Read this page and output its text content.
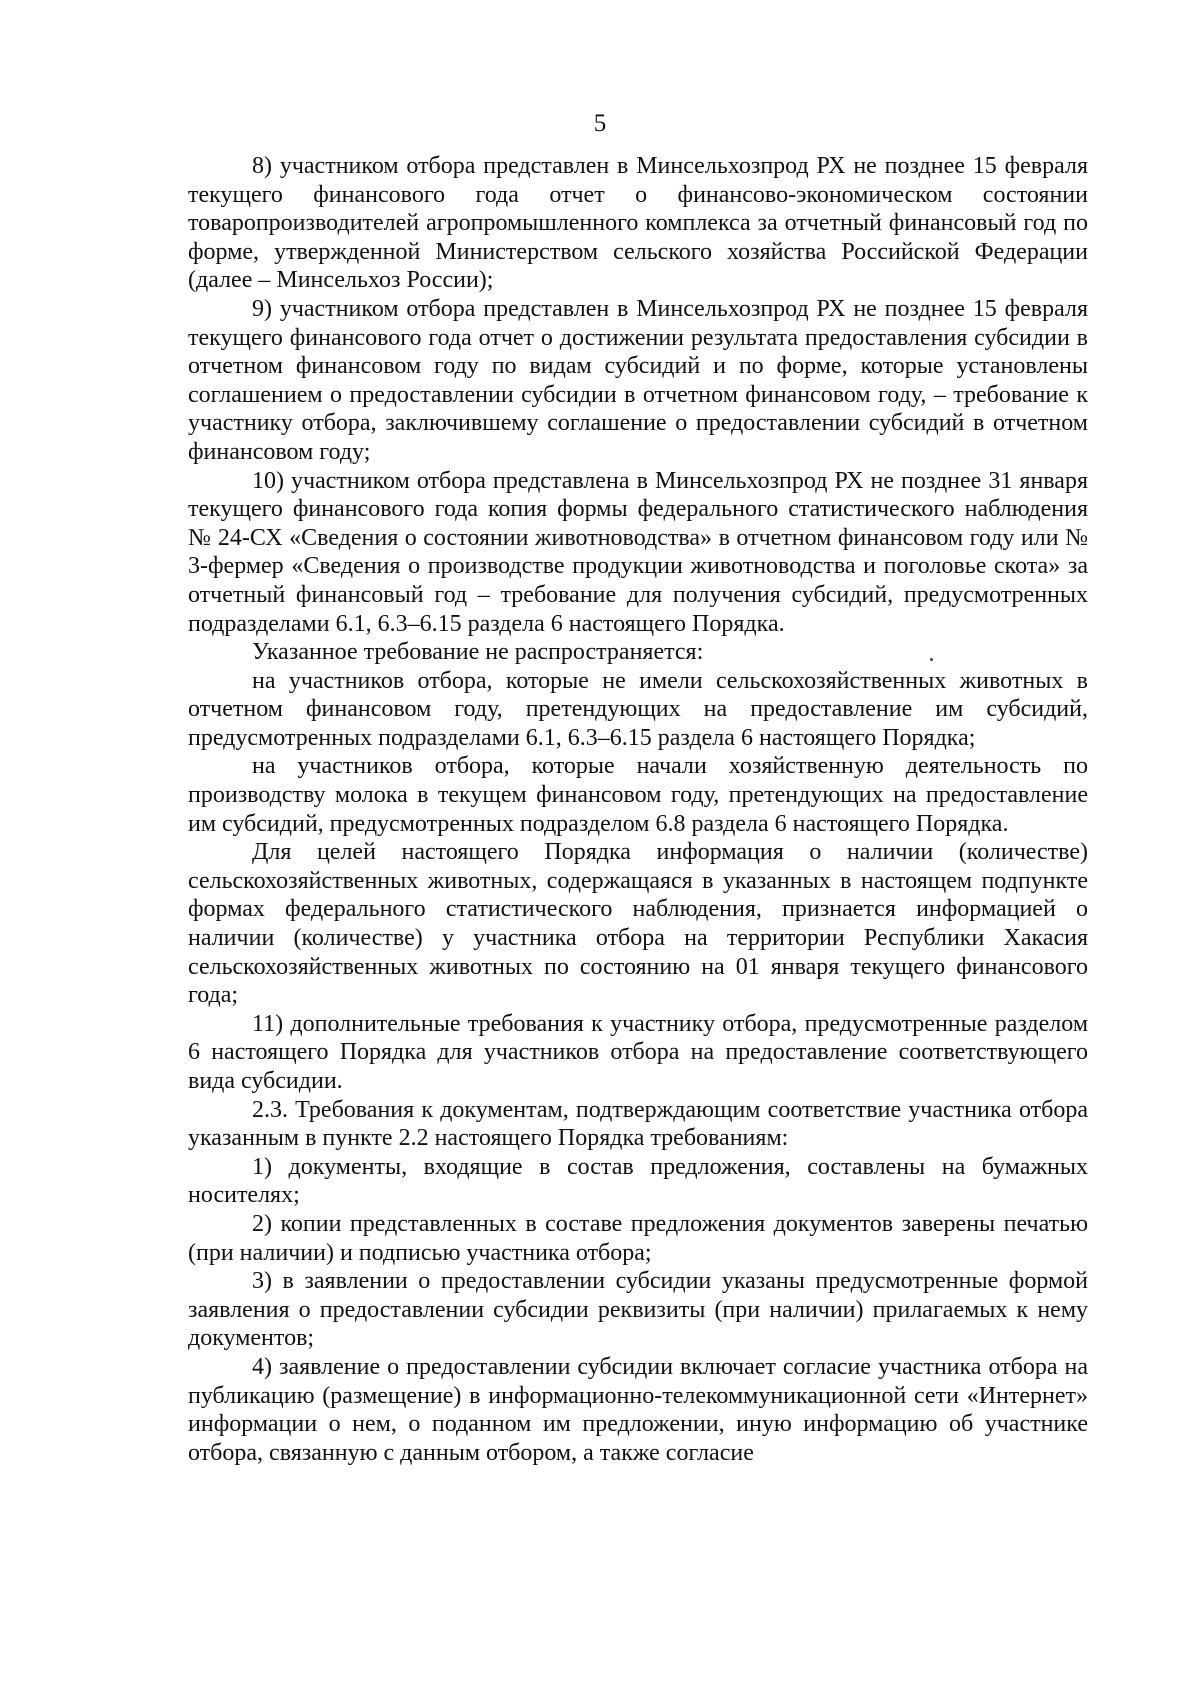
5

8) участником отбора представлен в Минсельхозпрод РХ не позднее 15 февраля текущего финансового года отчет о финансово-экономическом состоянии товаропроизводителей агропромышленного комплекса за отчетный финансовый год по форме, утвержденной Министерством сельского хозяйства Российской Федерации (далее – Минсельхоз России);

9) участником отбора представлен в Минсельхозпрод РХ не позднее 15 февраля текущего финансового года отчет о достижении результата предоставления субсидии в отчетном финансовом году по видам субсидий и по форме, которые установлены соглашением о предоставлении субсидии в отчетном финансовом году, – требование к участнику отбора, заключившему соглашение о предоставлении субсидий в отчетном финансовом году;

10) участником отбора представлена в Минсельхозпрод РХ не позднее 31 января текущего финансового года копия формы федерального статистического наблюдения № 24-СХ «Сведения о состоянии животноводства» в отчетном финансовом году или № 3-фермер «Сведения о производстве продукции животноводства и поголовье скота» за отчетный финансовый год – требование для получения субсидий, предусмотренных подразделами 6.1, 6.3–6.15 раздела 6 настоящего Порядка.

Указанное требование не распространяется:

на участников отбора, которые не имели сельскохозяйственных животных в отчетном финансовом году, претендующих на предоставление им субсидий, предусмотренных подразделами 6.1, 6.3–6.15 раздела 6 настоящего Порядка;

на участников отбора, которые начали хозяйственную деятельность по производству молока в текущем финансовом году, претендующих на предоставление им субсидий, предусмотренных подразделом 6.8 раздела 6 настоящего Порядка.

Для целей настоящего Порядка информация о наличии (количестве) сельскохозяйственных животных, содержащаяся в указанных в настоящем подпункте формах федерального статистического наблюдения, признается информацией о наличии (количестве) у участника отбора на территории Республики Хакасия сельскохозяйственных животных по состоянию на 01 января текущего финансового года;

11) дополнительные требования к участнику отбора, предусмотренные разделом 6 настоящего Порядка для участников отбора на предоставление соответствующего вида субсидии.

2.3. Требования к документам, подтверждающим соответствие участника отбора указанным в пункте 2.2 настоящего Порядка требованиям:

1) документы, входящие в состав предложения, составлены на бумажных носителях;

2) копии представленных в составе предложения документов заверены печатью (при наличии) и подписью участника отбора;

3) в заявлении о предоставлении субсидии указаны предусмотренные формой заявления о предоставлении субсидии реквизиты (при наличии) прилагаемых к нему документов;

4) заявление о предоставлении субсидии включает согласие участника отбора на публикацию (размещение) в информационно-телекоммуникационной сети «Интернет» информации о нем, о поданном им предложении, иную информацию об участнике отбора, связанную с данным отбором, а также согласие
